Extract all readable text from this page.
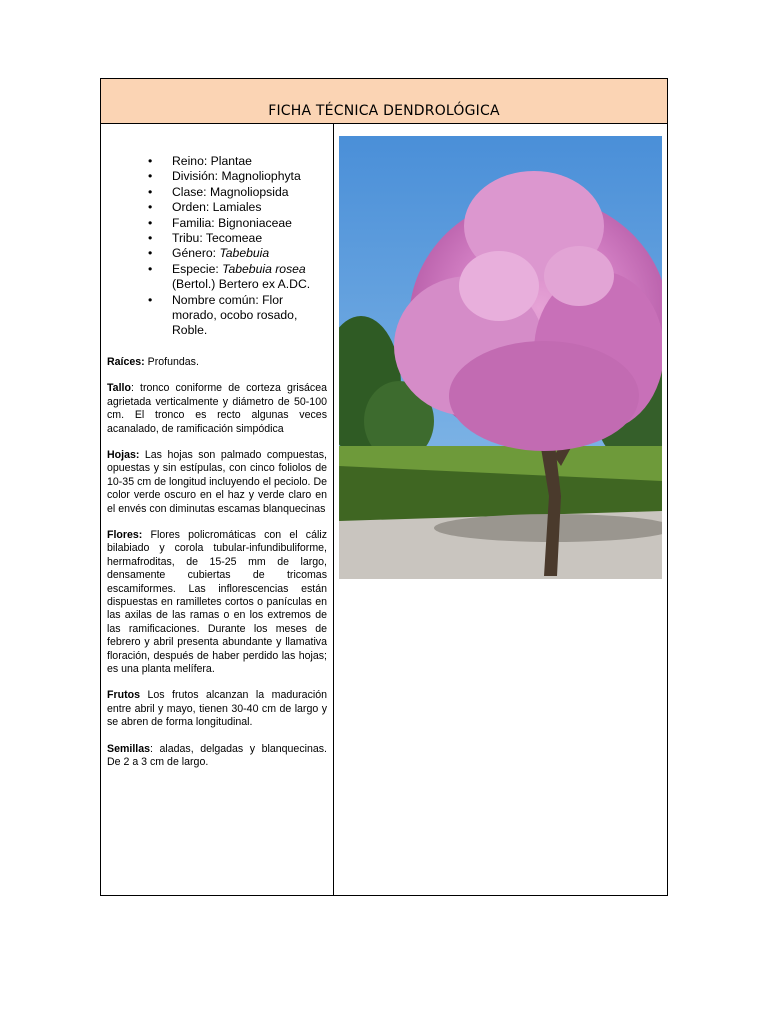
FICHA TÉCNICA DENDROLÓGICA
• Reino: Plantae
• División: Magnoliophyta
• Clase: Magnoliopsida
• Orden: Lamiales
• Familia: Bignoniaceae
• Tribu: Tecomeae
• Género: Tabebuia
• Especie: Tabebuia rosea (Bertol.) Bertero ex A.DC.
• Nombre común: Flor morado, ocobo rosado, Roble.

Raíces: Profundas.

Tallo: tronco coniforme de corteza grisácea agrietada verticalmente y diámetro de 50-100 cm. El tronco es recto algunas veces acanalado, de ramificación simpódica

Hojas: Las hojas son palmado compuestas, opuestas y sin estípulas, con cinco foliolos de 10-35 cm de longitud incluyendo el peciolo. De color verde oscuro en el haz y verde claro en el envés con diminutas escamas blanquecinas

Flores: Flores policromáticas con el cáliz bilabiado y corola tubular-infundibuliforme, hermafroditas, de 15-25 mm de largo, densamente cubiertas de tricomas escamiformes. Las inflorescencias están dispuestas en ramilletes cortos o panículas en las axilas de las ramas o en los extremos de las ramificaciones. Durante los meses de febrero y abril presenta abundante y llamativa floración, después de haber perdido las hojas; es una planta melífera.

Frutos Los frutos alcanzan la maduración entre abril y mayo, tienen 30-40 cm de largo y se abren de forma longitudinal.

Semillas: aladas, delgadas y blanquecinas. De 2 a 3 cm de largo.
